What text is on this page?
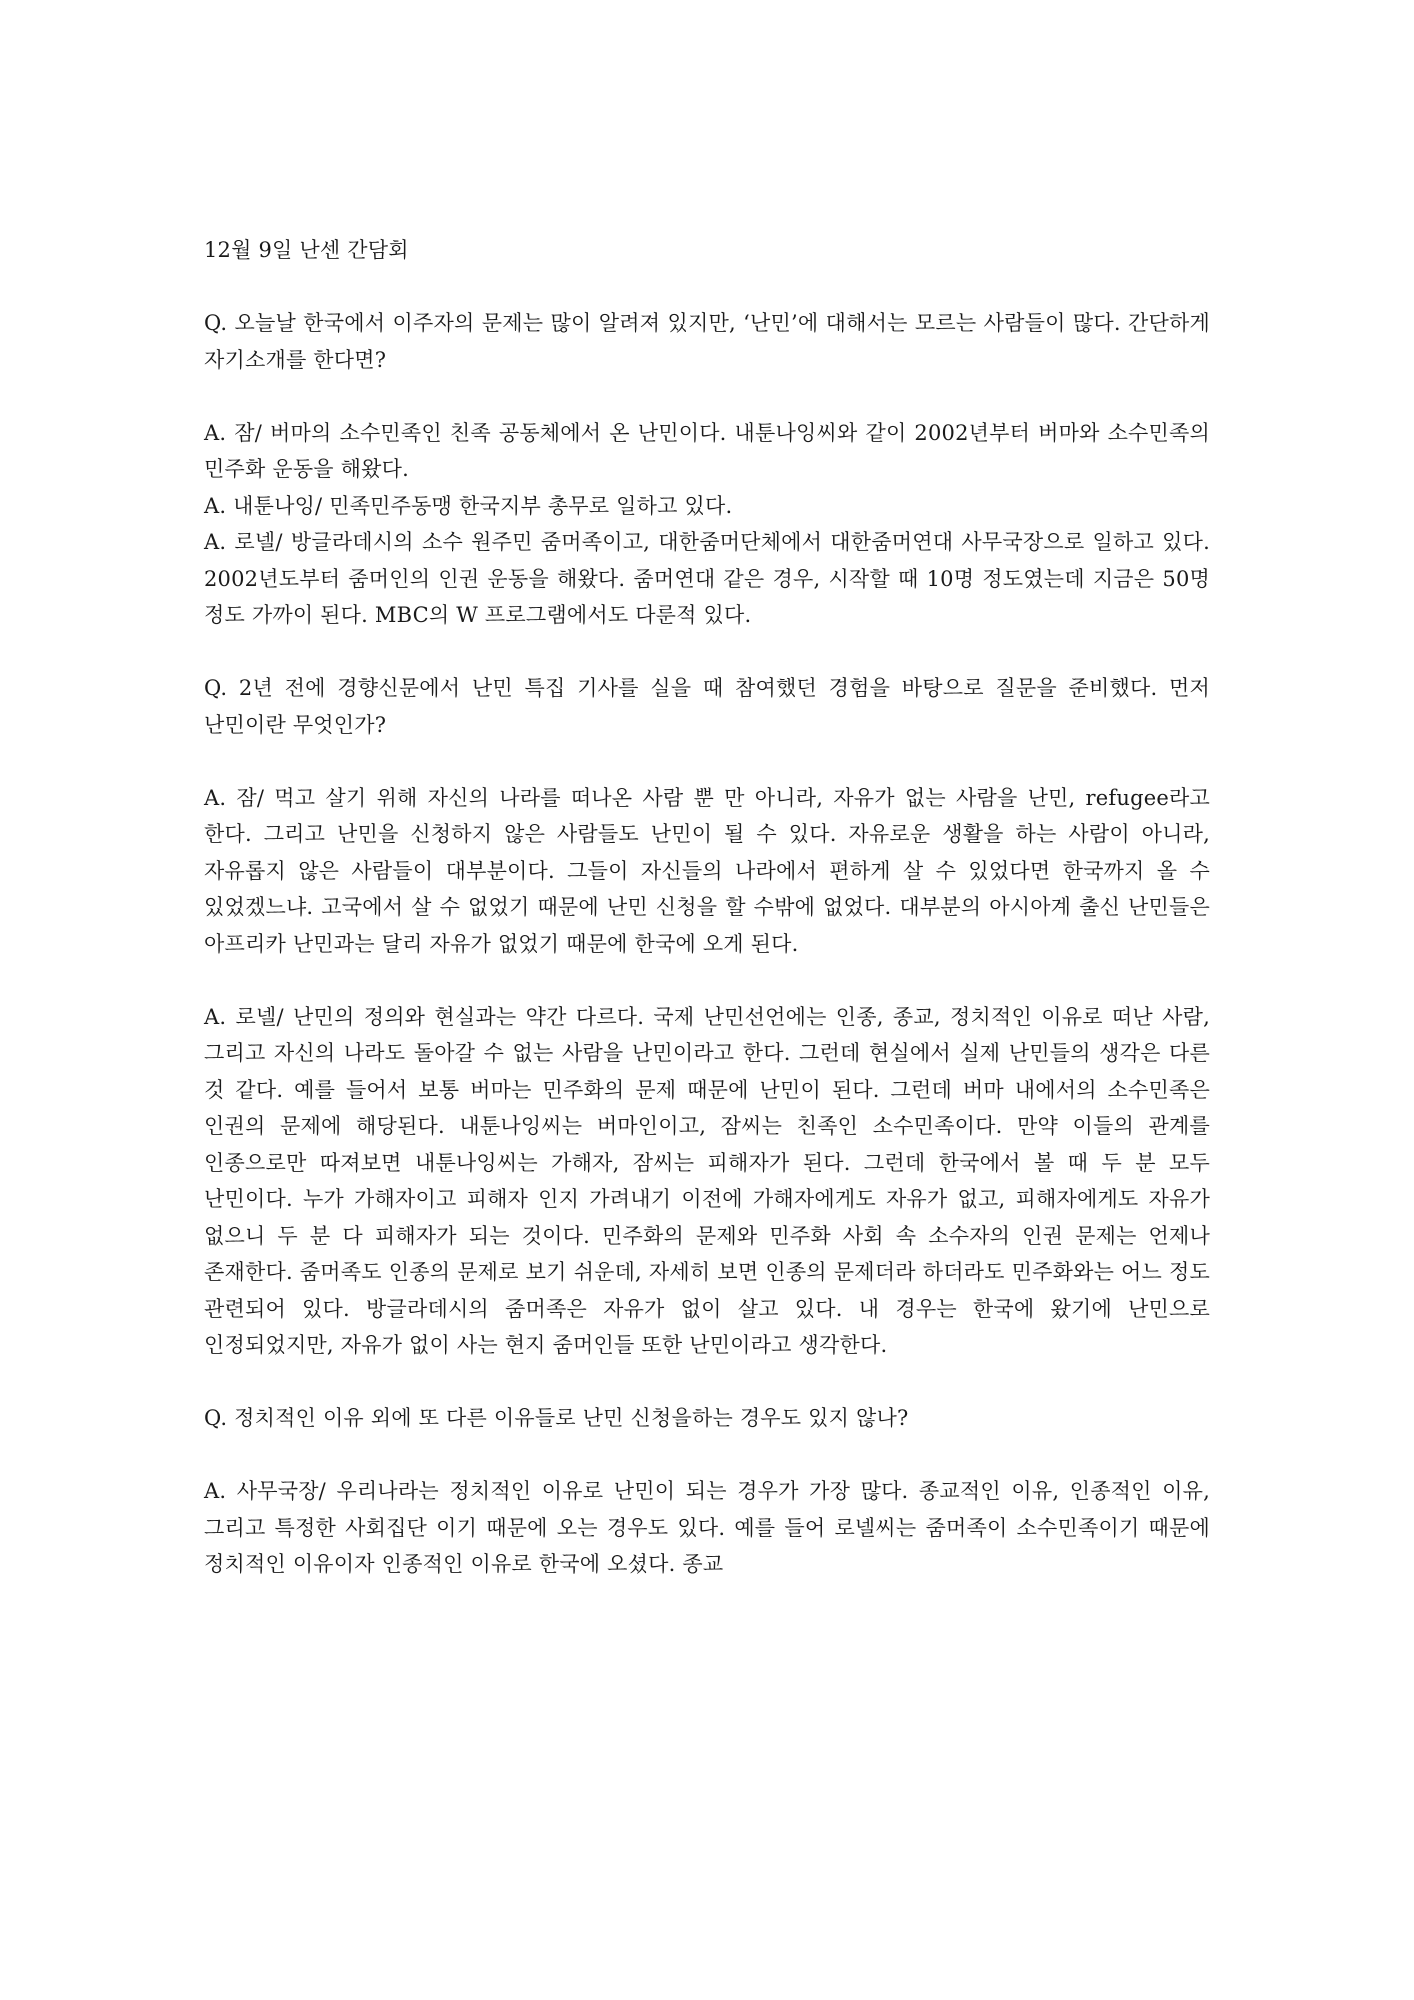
12월 9일 난센 간담회

Q. 오늘날 한국에서 이주자의 문제는 많이 알려져 있지만, ‘난민’에 대해서는 모르는 사람들이 많다. 간단하게 자기소개를 한다면?

A. 잠/ 버마의 소수민족인 친족 공동체에서 온 난민이다. 내툰나잉씨와 같이 2002년부터 버마와 소수민족의 민주화 운동을 해왔다.

A. 내툰나잉/ 민족민주동맹 한국지부 총무로 일하고 있다.

A. 로넬/ 방글라데시의 소수 원주민 줌머족이고, 대한줌머단체에서 대한줌머연대 사무국장으로 일하고 있다. 2002년도부터 줌머인의 인권 운동을 해왔다. 줌머연대 같은 경우, 시작할 때 10명 정도였는데 지금은 50명 정도 가까이 된다. MBC의 W 프로그램에서도 다룬적 있다.

Q. 2년 전에 경향신문에서 난민 특집 기사를 실을 때 참여했던 경험을 바탕으로 질문을 준비했다. 먼저 난민이란 무엇인가?

A. 잠/ 먹고 살기 위해 자신의 나라를 떠나온 사람 뿐 만 아니라, 자유가 없는 사람을 난민, refugee라고 한다. 그리고 난민을 신청하지 않은 사람들도 난민이 될 수 있다. 자유로운 생활을 하는 사람이 아니라, 자유롭지 않은 사람들이 대부분이다. 그들이 자신들의 나라에서 편하게 살 수 있었다면 한국까지 올 수 있었겠느냐. 고국에서 살 수 없었기 때문에 난민 신청을 할 수밖에 없었다. 대부분의 아시아계 출신 난민들은 아프리카 난민과는 달리 자유가 없었기 때문에 한국에 오게 된다.

A. 로넬/ 난민의 정의와 현실과는 약간 다르다. 국제 난민선언에는 인종, 종교, 정치적인 이유로 떠난 사람, 그리고 자신의 나라도 돌아갈 수 없는 사람을 난민이라고 한다. 그런데 현실에서 실제 난민들의 생각은 다른 것 같다. 예를 들어서 보통 버마는 민주화의 문제 때문에 난민이 된다. 그런데 버마 내에서의 소수민족은 인권의 문제에 해당된다. 내툰나잉씨는 버마인이고, 잠씨는 친족인 소수민족이다. 만약 이들의 관계를 인종으로만 따져보면 내툰나잉씨는 가해자, 잠씨는 피해자가 된다. 그런데 한국에서 볼 때 두 분 모두 난민이다. 누가 가해자이고 피해자 인지 가려내기 이전에 가해자에게도 자유가 없고, 피해자에게도 자유가 없으니 두 분 다 피해자가 되는 것이다. 민주화의 문제와 민주화 사회 속 소수자의 인권 문제는 언제나 존재한다. 줌머족도 인종의 문제로 보기 쉬운데, 자세히 보면 인종의 문제더라 하더라도 민주화와는 어느 정도 관련되어 있다. 방글라데시의 줌머족은 자유가 없이 살고 있다. 내 경우는 한국에 왔기에 난민으로 인정되었지만, 자유가 없이 사는 현지 줌머인들 또한 난민이라고 생각한다.

Q. 정치적인 이유 외에 또 다른 이유들로 난민 신청을하는 경우도 있지 않나?

A. 사무국장/ 우리나라는 정치적인 이유로 난민이 되는 경우가 가장 많다. 종교적인 이유, 인종적인 이유, 그리고 특정한 사회집단 이기 때문에 오는 경우도 있다. 예를 들어 로넬씨는 줌머족이 소수민족이기 때문에 정치적인 이유이자 인종적인 이유로 한국에 오셨다. 종교
